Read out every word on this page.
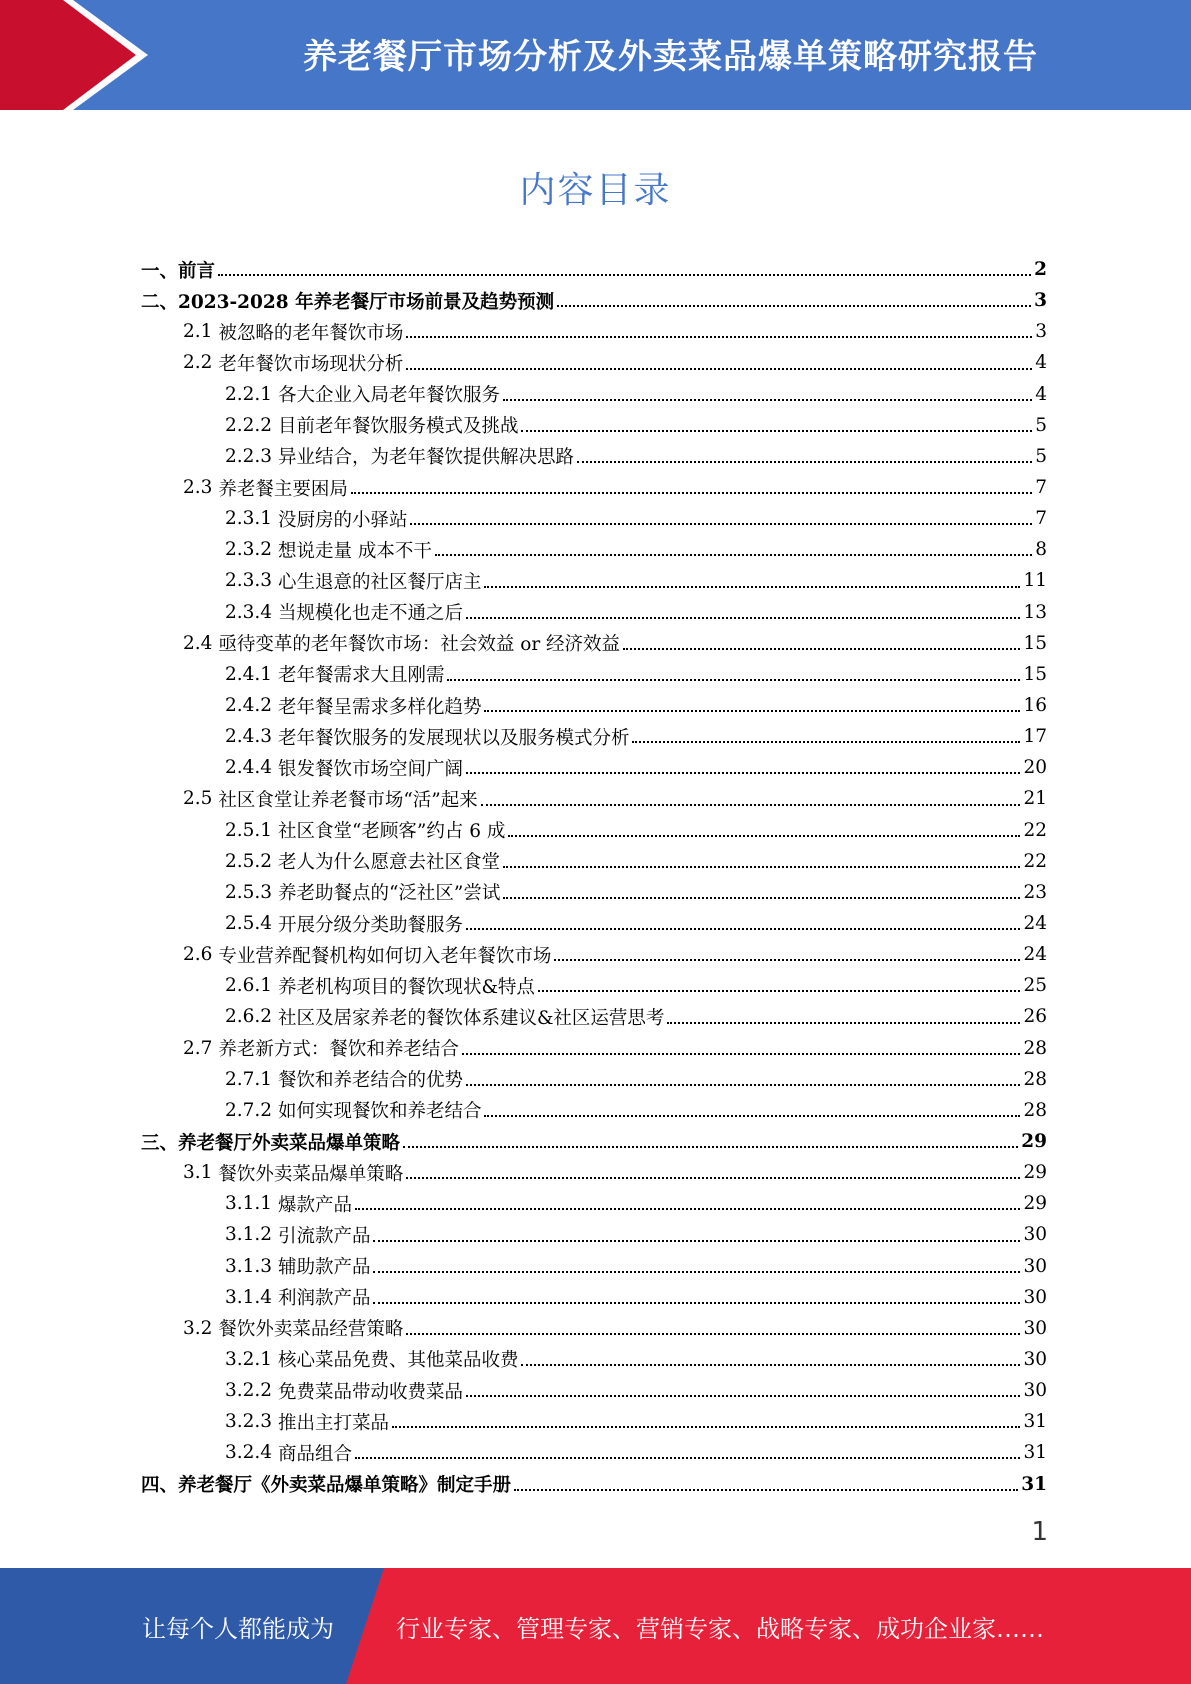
养老餐厅市场分析及外卖菜品爆单策略研究报告
内容目录
一、 前言	2
二、 2023-2028 年养老餐厅市场前景及趋势预测	3
2.1 被忽略的老年餐饮市场	3
2.2 老年餐饮市场现状分析	4
2.2.1 各大企业入局老年餐饮服务	4
2.2.2 目前老年餐饮服务模式及挑战	5
2.2.3 异业结合，为老年餐饮提供解决思路	5
2.3 养老餐主要困局	7
2.3.1 没厨房的小驿站	7
2.3.2 想说走量 成本不干	8
2.3.3 心生退意的社区餐厅店主	11
2.3.4 当规模化也走不通之后	13
2.4 亟待变革的老年餐饮市场：社会效益 or 经济效益	15
2.4.1 老年餐需求大且刚需	15
2.4.2 老年餐呈需求多样化趋势	16
2.4.3 老年餐饮服务的发展现状以及服务模式分析	17
2.4.4 银发餐饮市场空间广阔	20
2.5 社区食堂让养老餐市场“活”起来	21
2.5.1 社区食堂“老顾客”约占 6 成	22
2.5.2 老人为什么愿意去社区食堂	22
2.5.3 养老助餐点的“泛社区”尝试	23
2.5.4 开展分级分类助餐服务	24
2.6 专业营养配餐机构如何切入老年餐饮市场	24
2.6.1 养老机构项目的餐饮现状&特点	25
2.6.2 社区及居家养老的餐饮体系建议&社区运营思考	26
2.7 养老新方式：餐饮和养老结合	28
2.7.1 餐饮和养老结合的优势	28
2.7.2 如何实现餐饮和养老结合	28
三、 养老餐厅外卖菜品爆单策略	29
3.1 餐饮外卖菜品爆单策略	29
3.1.1 爆款产品	29
3.1.2 引流款产品	30
3.1.3 辅助款产品	30
3.1.4 利润款产品	30
3.2 餐饮外卖菜品经营策略	30
3.2.1 核心菜品免费、其他菜品收费	30
3.2.2 免费菜品带动收费菜品	30
3.2.3 推出主打菜品	31
3.2.4 商品组合	31
四、 养老餐厅《外卖菜品爆单策略》制定手册	31
1
让每个人都能成为	行业专家、管理专家、营销专家、战略专家、成功企业家……
